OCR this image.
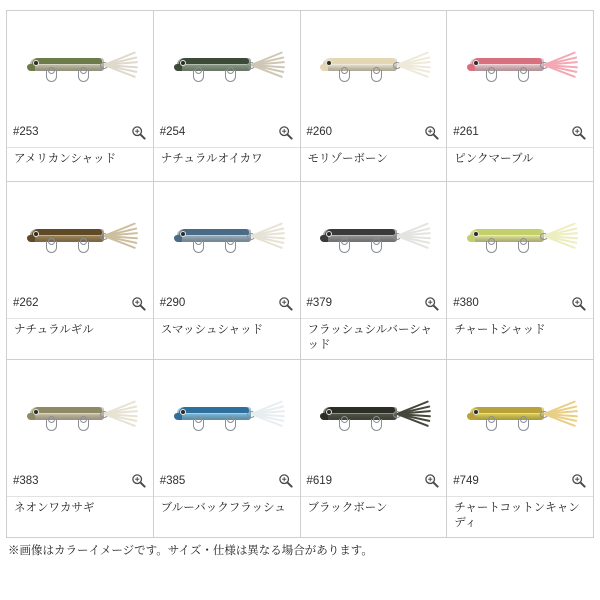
#253
アメリカンシャッド
#254
ナチュラルオイカワ
#260
モリゾーボーン
#261
ピンクマーブル
#262
ナチュラルギル
#290
スマッシュシャッド
#379
フラッシュシルバーシャッド
#380
チャートシャッド
#383
ネオンワカサギ
#385
ブルーバックフラッシュ
#619
ブラックボーン
#749
チャートコットンキャンディ
※画像はカラーイメージです。サイズ・仕様は異なる場合があります。
